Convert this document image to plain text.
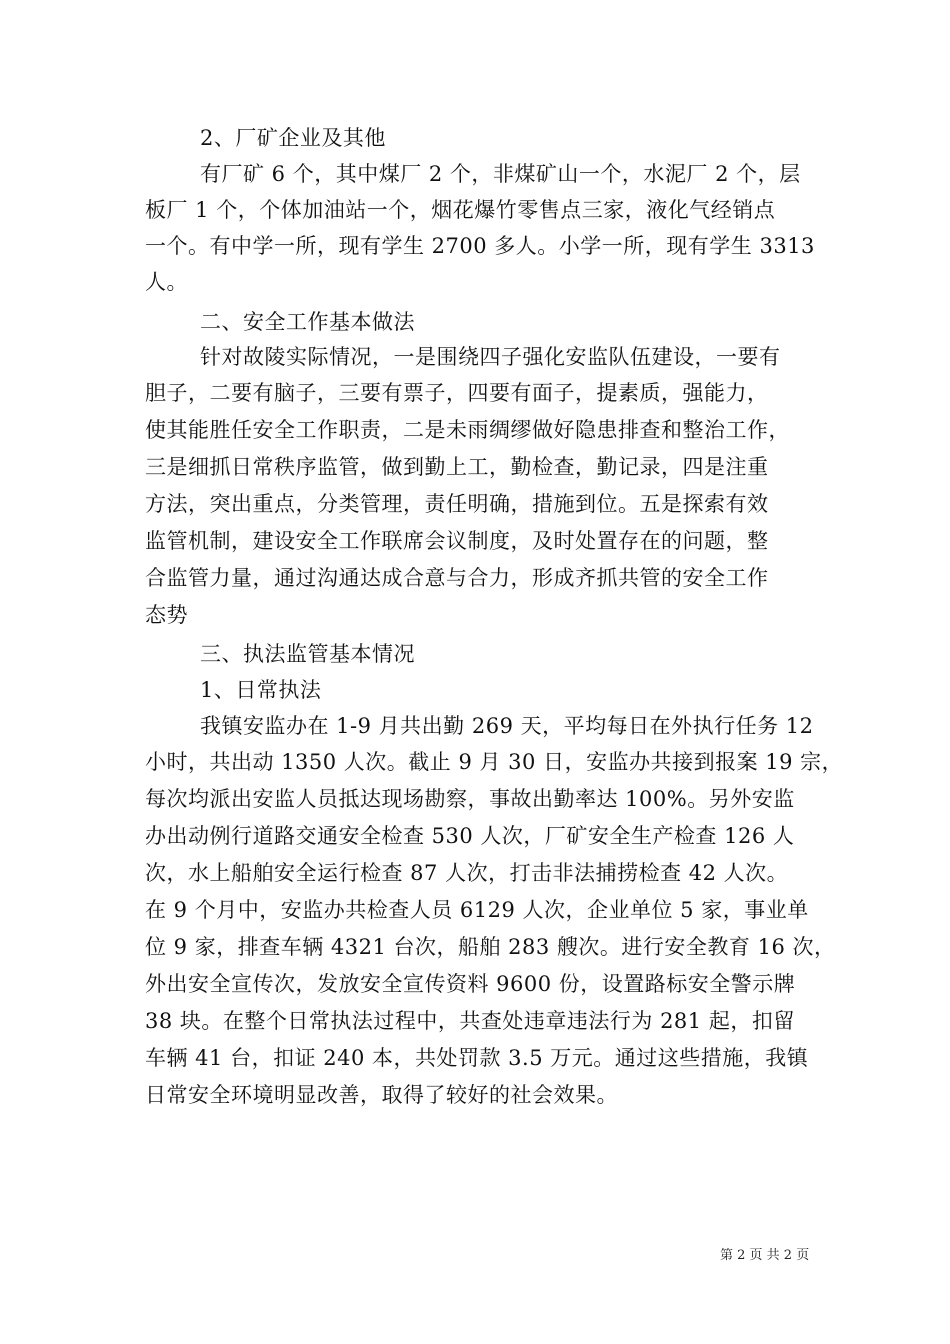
2、厂矿企业及其他
有厂矿 6 个，其中煤厂 2 个，非煤矿山一个，水泥厂 2 个，层
板厂 1 个，个体加油站一个，烟花爆竹零售点三家，液化气经销点
一个。有中学一所，现有学生 2700 多人。小学一所，现有学生 3313
人。
二、安全工作基本做法
针对故陵实际情况，一是围绕四子强化安监队伍建设，一要有
胆子，二要有脑子，三要有票子，四要有面子，提素质，强能力，
使其能胜任安全工作职责，二是未雨绸缪做好隐患排查和整治工作，
三是细抓日常秩序监管，做到勤上工，勤检查，勤记录，四是注重
方法，突出重点，分类管理，责任明确，措施到位。五是探索有效
监管机制，建设安全工作联席会议制度，及时处置存在的问题，整
合监管力量，通过沟通达成合意与合力，形成齐抓共管的安全工作
态势
三、执法监管基本情况
1、日常执法
我镇安监办在 1-9 月共出勤 269 天，平均每日在外执行任务 12
小时，共出动 1350 人次。截止 9 月 30 日，安监办共接到报案 19 宗，
每次均派出安监人员抵达现场勘察，事故出勤率达 100%。另外安监
办出动例行道路交通安全检查 530 人次，厂矿安全生产检查 126 人
次，水上船舶安全运行检查 87 人次，打击非法捕捞检查 42 人次。
在 9 个月中，安监办共检查人员 6129 人次，企业单位 5 家，事业单
位 9 家，排查车辆 4321 台次，船舶 283 艘次。进行安全教育 16 次，
外出安全宣传次，发放安全宣传资料 9600 份，设置路标安全警示牌
38 块。在整个日常执法过程中，共查处违章违法行为 281 起，扣留
车辆 41 台，扣证 240 本，共处罚款 3.5 万元。通过这些措施，我镇
日常安全环境明显改善，取得了较好的社会效果。
第 2 页 共 2 页
